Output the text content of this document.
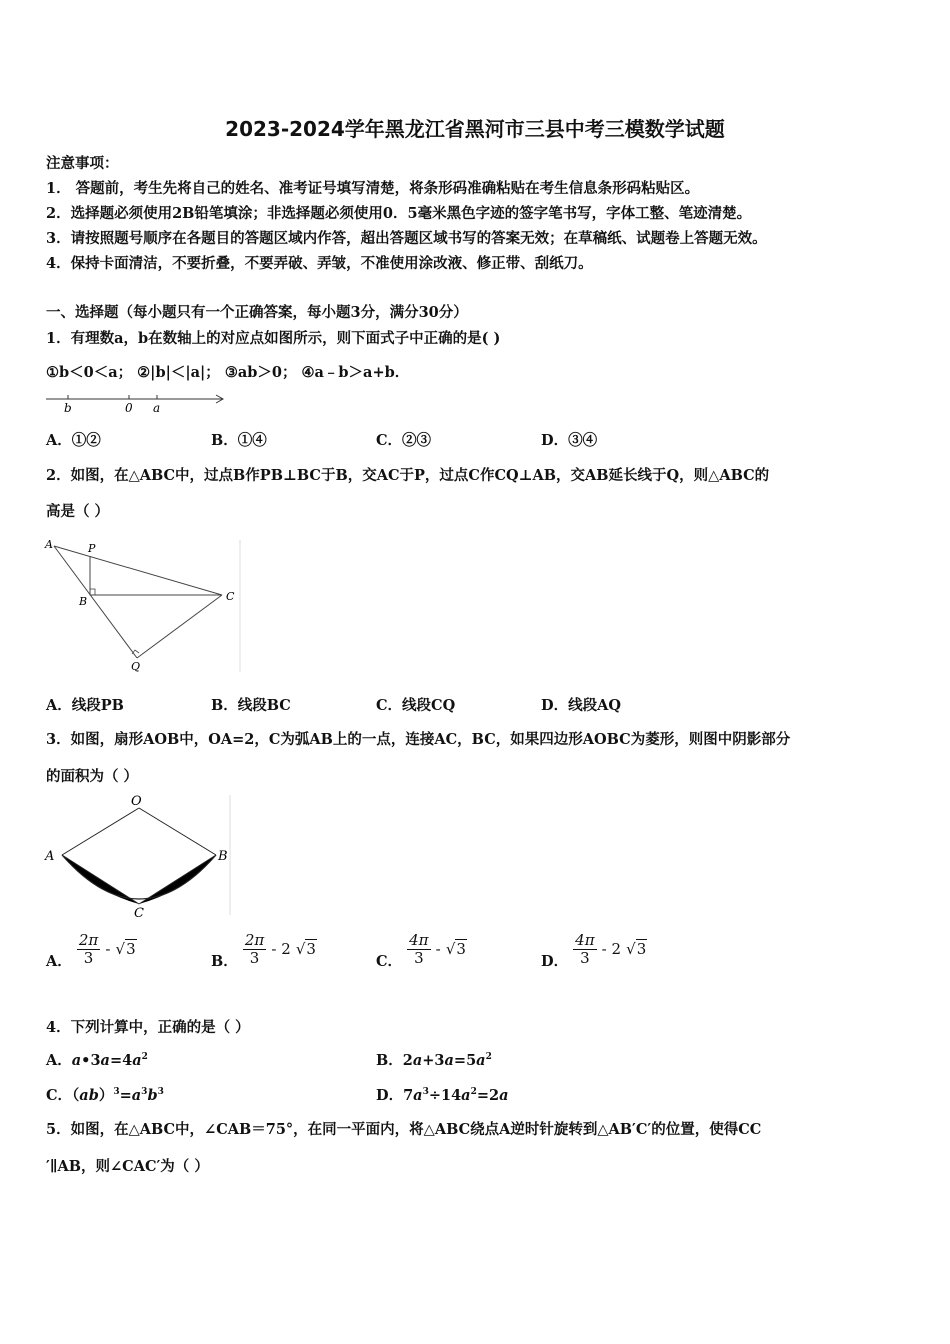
2023-2024学年黑龙江省黑河市三县中考三模数学试题
注意事项：
1． 答题前，考生先将自己的姓名、准考证号填写清楚，将条形码准确粘贴在考生信息条形码粘贴区。
2．选择题必须使用2B铅笔填涂；非选择题必须使用0．5毫米黑色字迹的签字笔书写，字体工整、笔迹清楚。
3．请按照题号顺序在各题目的答题区域内作答，超出答题区域书写的答案无效；在草稿纸、试题卷上答题无效。
4．保持卡面清洁，不要折叠，不要弄破、弄皱，不准使用涂改液、修正带、刮纸刀。
一、选择题（每小题只有一个正确答案，每小题3分，满分30分）
1．有理数a，b在数轴上的对应点如图所示，则下面式子中正确的是( )
①b＜0＜a； ②|b|＜|a|； ③ab＞0； ④a﹣b＞a+b．
b	0 a
A．①②	B．①④	C．②③	D．③④
2．如图，在△ABC中，过点B作PB⊥BC于B，交AC于P，过点C作CQ⊥AB，交AB延长线于Q，则△ABC的
高是（ ）
A	P
B	C
Q
A．线段PB	B．线段BC	C．线段CQ	D．线段AQ
3．如图，扇形AOB中，OA=2，C为弧AB上的一点，连接AC，BC，如果四边形AOBC为菱形，则图中阴影部分
的面积为（ ）
O
A	B
C
A． $\frac{2\pi}{3} - √3$
B． $\frac{2\pi}{3} - 2$ √3
C． $\frac{4\pi}{3} - √3$
D． $\frac{4\pi}{3} - 2$ √3
4．下列计算中，正确的是（ ）
A．$a•3a=4a^2$	B．$2a+3a=5a^2$
C．$(ab)^3=a^3b^3$	D．$7a^3\div 14a^2=2a$
5．如图，在△ABC中，∠CAB＝75°，在同一平面内，将△ABC绕点A逆时针旋转到△AB′C′的位置，使得CC
′∥AB，则∠CAC′为（ ）
